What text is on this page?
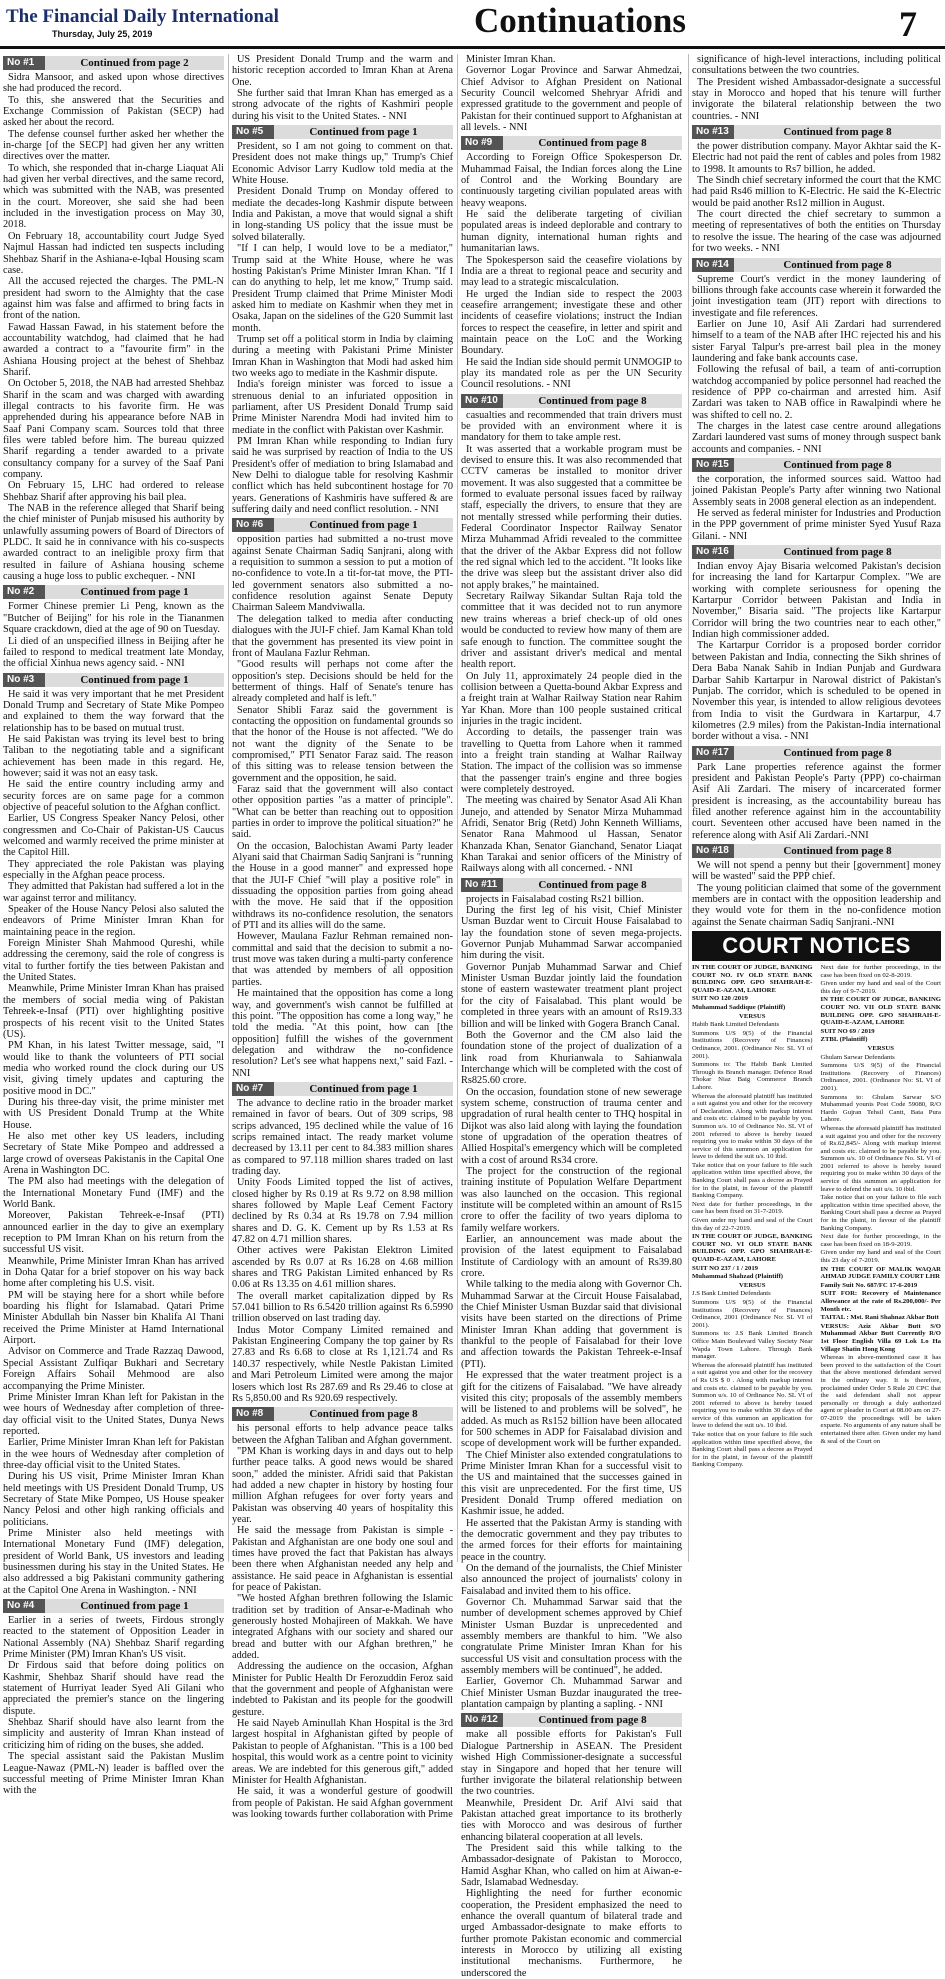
The Financial Daily International
Thursday, July 25, 2019	Continuations	7
No #1	Continued from page 2

Sidra Mansoor, and asked upon whose directives she had produced the record.

To this, she answered that the Securities and Exchange Commission of Pakistan (SECP) had asked her about the record.

The defense counsel further asked her whether the in-charge [of the SECP] had given her any written directives over the matter.

To which, she responded that in-charge Liaquat Ali had given her verbal directives, and the same record, which was submitted with the NAB, was presented in the court. Moreover, she said she had been included in the investigation process on May 30, 2018.

On February 18, accountability court Judge Syed Najmul Hassan had indicted ten suspects including Shehbaz Sharif in the Ashiana-e-Iqbal Housing scam case.

All the accused rejected the charges. The PML-N president had sworn to the Almighty that the case against him was false and affirmed to bring facts in front of the nation.

Fawad Hassan Fawad, in his statement before the accountability watchdog, had claimed that he had awarded a contract to a "favourite firm" in the Ashiana Housing project at the behest of Shehbaz Sharif.

On October 5, 2018, the NAB had arrested Shehbaz Sharif in the scam and was charged with awarding illegal contracts to his favorite firm. He was apprehended during his appearance before NAB in Saaf Pani Company scam. Sources told that three files were tabled before him. The bureau quizzed Sharif regarding a tender awarded to a private consultancy company for a survey of the Saaf Pani company.

On February 15, LHC had ordered to release Shehbaz Sharif after approving his bail plea.

The NAB in the reference alleged that Sharif being the chief minister of Punjab misused his authority by unlawfully assuming powers of Board of Directors of PLDC. It said he in connivance with his co-suspects awarded contract to an ineligible proxy firm that resulted in failure of Ashiana housing scheme causing a huge loss to public exchequer. - NNI

No #2	Continued from page 1

Former Chinese premier Li Peng, known as the "Butcher of Beijing" for his role in the Tiananmen Square crackdown, died at the age of 90 on Tuesday.

Li died of an unspecified illness in Beijing after he failed to respond to medical treatment late Monday, the official Xinhua news agency said. - NNI

No #3	Continued from page 1

He said it was very important that he met President Donald Trump and Secretary of State Mike Pompeo and explained to them the way forward that the relationship has to be based on mutual trust.

He said Pakistan was trying its level best to bring Taliban to the negotiating table and a significant achievement has been made in this regard. He, however; said it was not an easy task.

He said the entire country including army and security forces are on same page for a common objective of peaceful solution to the Afghan conflict.

Earlier, US Congress Speaker Nancy Pelosi, other congressmen and Co-Chair of Pakistan-US Caucus welcomed and warmly received the prime minister at the Capitol Hill.

They appreciated the role Pakistan was playing especially in the Afghan peace process.

They admitted that Pakistan had suffered a lot in the war against terror and militancy.

Speaker of the House Nancy Pelosi also saluted the endeavors of Prime Minister Imran Khan for maintaining peace in the region.

Foreign Minister Shah Mahmood Qureshi, while addressing the ceremony, said the role of congress is vital to further fortify the ties between Pakistan and the United States.

Meanwhile, Prime Minister Imran Khan has praised the members of social media wing of Pakistan Tehreek-e-Insaf (PTI) over highlighting positive prospects of his recent visit to the United States (US).

PM Khan, in his latest Twitter message, said, "I would like to thank the volunteers of PTI social media who worked round the clock during our US visit, giving timely updates and capturing the positive mood in DC."

During his three-day visit, the prime minister met with US President Donald Trump at the White House.

He also met other key US leaders, including Secretary of State Mike Pompeo and addressed a large crowd of overseas Pakistanis in the Capital One Arena in Washington DC.

The PM also had meetings with the delegation of the International Monetary Fund (IMF) and the World Bank.

Moreover, Pakistan Tehreek-e-Insaf (PTI) announced earlier in the day to give an exemplary reception to PM Imran Khan on his return from the successful US visit.

Meanwhile, Prime Minister Imran Khan has arrived in Doha Qatar for a brief stopover on his way back home after completing his U.S. visit.

PM will be staying here for a short while before boarding his flight for Islamabad. Qatari Prime Minister Abdullah bin Nasser bin Khalifa Al Thani received the Prime Minister at Hamd International Airport.

Advisor on Commerce and Trade Razzaq Dawood, Special Assistant Zulfiqar Bukhari and Secretary Foreign Affairs Sohail Mehmood are also accompanying the Prime Minister.

Prime Minister Imran Khan left for Pakistan in the wee hours of Wednesday after completion of three-day official visit to the United States, Dunya News reported.

Earlier, Prime Minister Imran Khan left for Pakistan in the wee hours of Wednesday after completion of three-day official visit to the United States.

During his US visit, Prime Minister Imran Khan held meetings with US President Donald Trump, US Secretary of State Mike Pompeo, US House speaker Nancy Pelosi and other high ranking officials and politicians.

Prime Minister also held meetings with International Monetary Fund (IMF) delegation, president of World Bank, US investors and leading businessmen during his stay in the United States. He also addressed a big Pakistani community gathering at the Capitol One Arena in Washington. - NNI

No #4	Continued from page 1

Earlier in a series of tweets, Firdous strongly reacted to the statement of Opposition Leader in National Assembly (NA) Shehbaz Sharif regarding Prime Minister (PM) Imran Khan's US visit.

Dr Firdous said that before doing politics on Kashmir, Shehbaz Sharif should have read the statement of Hurriyat leader Syed Ali Gilani who appreciated the premier's stance on the lingering dispute.

Shehbaz Sharif should have also learnt from the simplicity and austerity of Imran Khan instead of criticizing him of riding on the buses, she added.

The special assistant said the Pakistan Muslim League-Nawaz (PML-N) leader is baffled over the successful meeting of Prime Minister Imran Khan with the

US President Donald Trump and the warm and historic reception accorded to Imran Khan at Arena One.

She further said that Imran Khan has emerged as a strong advocate of the rights of Kashmiri people during his visit to the United States. - NNI

No #5	Continued from page 1

President, so I am not going to comment on that. President does not make things up," Trump's Chief Economic Advisor Larry Kudlow told media at the White House.

President Donald Trump on Monday offered to mediate the decades-long Kashmir dispute between India and Pakistan, a move that would signal a shift in long-standing US policy that the issue must be solved bilaterally.

"If I can help, I would love to be a mediator," Trump said at the White House, where he was hosting Pakistan's Prime Minister Imran Khan. "If I can do anything to help, let me know," Trump said. President Trump claimed that Prime Minister Modi asked him to mediate on Kashmir when they met in Osaka, Japan on the sidelines of the G20 Summit last month.

Trump set off a political storm in India by claiming during a meeting with Pakistani Prime Minister Imran Khan in Washington that Modi had asked him two weeks ago to mediate in the Kashmir dispute.

India's foreign minister was forced to issue a strenuous denial to an infuriated opposition in parliament, after US President Donald Trump said Prime Minister Narendra Modi had invited him to mediate in the conflict with Pakistan over Kashmir.

PM Imran Khan while responding to Indian fury said he was surprised by reaction of India to the US President's offer of mediation to bring Islamabad and New Delhi to dialogue table for resolving Kashmir conflict which has held subcontinent hostage for 70 years. Generations of Kashmiris have suffered & are suffering daily and need conflict resolution. - NNI

No #6	Continued from page 1

opposition parties had submitted a no-trust move against Senate Chairman Sadiq Sanjrani, along with a requisition to summon a session to put a motion of no-confidence to vote.In a tit-for-tat move, the PTI-led government senators also submitted a no-confidence resolution against Senate Deputy Chairman Saleem Mandviwalla.

The delegation talked to media after conducting dialogues with the JUI-F chief. Jam Kamal Khan told that the government has presented its view point in front of Maulana Fazlur Rehman.

"Good results will perhaps not come after the opposition's step. Decisions should be held for the betterment of things. Half of Senate's tenure has already completed and half is left."

Senator Shibli Faraz said the government is contacting the opposition on fundamental grounds so that the honor of the House is not affected. "We do not want the dignity of the Senate to be compromised," PTI Senator Faraz said. The reason of this sitting was to release tension between the government and the opposition, he said.

Faraz said that the government will also contact other opposition parties "as a matter of principle". "What can be better than reaching out to opposition parties in order to improve the political situation?" he said.

On the occasion, Balochistan Awami Party leader Alyani said that Chairman Sadiq Sanjrani is "running the House in a good manner" and expressed hope that the JUI-F Chief "will play a positive role" in dissuading the opposition parties from going ahead with the move. He said that if the opposition withdraws its no-confidence resolution, the senators of PTI and its allies will do the same.

However, Maulana Fazlur Rehman remained non-committal and said that the decision to submit a no-trust move was taken during a multi-party conference that was attended by members of all opposition parties.

He maintained that the opposition has come a long way, and government's wish cannot be fulfilled at this point. "The opposition has come a long way," he told the media. "At this point, how can [the opposition] fulfill the wishes of the government delegation and withdraw the no-confidence resolution? Let's see what happens next," said Fazl. - NNI

No #7	Continued from page 1

The advance to decline ratio in the broader market remained in favor of bears. Out of 309 scrips, 98 scrips advanced, 195 declined while the value of 16 scrips remained intact. The ready market volume decreased by 13.11 per cent to 84.383 million shares as compared to 97.118 million shares traded on last trading day.

Unity Foods Limited topped the list of actives, closed higher by Rs 0.19 at Rs 9.72 on 8.98 million shares followed by Maple Leaf Cement Factory declined by Rs 0.34 at Rs 19.78 on 7.94 million shares and D. G. K. Cement up by Rs 1.53 at Rs 47.82 on 4.71 million shares.

Other actives were Pakistan Elektron Limited ascended by Rs 0.07 at Rs 16.28 on 4.68 million shares and TRG Pakistan Limited enhanced by Rs 0.06 at Rs 13.35 on 4.61 million shares.

The overall market capitalization dipped by Rs 57.041 billion to Rs 6.5420 trillion against Rs 6.5990 trillion observed on last trading day.

Indus Motor Company Limited remained and Pakistan Engineering Company the top gainer by Rs 27.83 and Rs 6.68 to close at Rs 1,121.74 and Rs 140.37 respectively, while Nestle Pakistan Limited and Mari Petroleum Limited were among the major losers which lost Rs 287.69 and Rs 29.46 to close at Rs 5,850.00 and Rs 920.69 respectively.

No #8	Continued from page 8

his personal efforts to help advance peace talks between the Afghan Taliban and Afghan government.

"PM Khan is working days in and days out to help further peace talks. A good news would be shared soon," added the minister. Afridi said that Pakistan had added a new chapter in history by hosting four million Afghan refugees for over forty years and Pakistan was observing 40 years of hospitality this year.

He said the message from Pakistan is simple - Pakistan and Afghanistan are one body one soul and times have proved the fact that Pakistan has always been there when Afghanistan needed any help and assistance. He said peace in Afghanistan is essential for peace of Pakistan.

"We hosted Afghan brethren following the Islamic tradition set by tradition of Ansar-e-Madinah who generously hosted Mohajireen of Makkah. We have integrated Afghans with our society and shared our bread and butter with our Afghan brethren," he added.

Addressing the audience on the occasion, Afghan Minister for Public Health Dr Ferozuddin Feroz said that the government and people of Afghanistan were indebted to Pakistan and its people for the goodwill gesture.

He said Nayeb Aminullah Khan Hospital is the 3rd largest hospital in Afghanistan gifted by people of Pakistan to people of Afghanistan. "This is a 100 bed hospital, this would work as a centre point to vicinity areas. We are indebted for this generous gift," added Minister for Health Afghanistan.

He said, it was a wonderful gesture of goodwill from people of Pakistan. He said Afghan government was looking towards further collaboration with Prime

Minister Imran Khan.

Governor Logar Province and Sarwar Ahmedzai, Chief Advisor to Afghan President on National Security Council welcomed Shehryar Afridi and expressed gratitude to the government and people of Pakistan for their continued support to Afghanistan at all levels. - NNI

No #9	Continued from page 8

According to Foreign Office Spokesperson Dr. Muhammad Faisal, the Indian forces along the Line of Control and the Working Boundary are continuously targeting civilian populated areas with heavy weapons.

He said the deliberate targeting of civilian populated areas is indeed deplorable and contrary to human dignity, international human rights and humanitarian laws.

The Spokesperson said the ceasefire violations by India are a threat to regional peace and security and may lead to a strategic miscalculation.

He urged the Indian side to respect the 2003 ceasefire arrangement; investigate these and other incidents of ceasefire violations; instruct the Indian forces to respect the ceasefire, in letter and spirit and maintain peace on the LoC and the Working Boundary.

He said the Indian side should permit UNMOGIP to play its mandated role as per the UN Security Council resolutions. - NNI

No #10	Continued from page 8

casualties and recommended that train drivers must be provided with an environment where it is mandatory for them to take ample rest.

It was asserted that a workable program must be devised to ensure this. It was also recommended that CCTV cameras be installed to monitor driver movement. It was also suggested that a committee be formed to evaluate personal issues faced by railway staff, especially the drivers, to ensure that they are not mentally stressed while performing their duties. Federal Coordinator Inspector Railway Senator Mirza Muhammad Afridi revealed to the committee that the driver of the Akbar Express did not follow the red signal which led to the accident. "It looks like the drive was sleep but the assistant driver also did not apply brakes," he maintained.

Secretary Railway Sikandar Sultan Raja told the committee that it was decided not to run anymore new trains whereas a brief check-up of old ones would be conducted to review how many of them are safe enough to function. The committee sought the driver and assistant driver's medical and mental health report.

On July 11, approximately 24 people died in the collision between a Quetta-bound Akbar Express and a freight train at Walhar Railway Station near Rahim Yar Khan. More than 100 people sustained critical injuries in the tragic incident.

According to details, the passenger train was travelling to Quetta from Lahore when it rammed into a freight train standing at Walhar Railway Station. The impact of the collision was so immense that the passenger train's engine and three bogies were completely destroyed.

The meeting was chaired by Senator Asad Ali Khan Junejo, and attended by Senator Mirza Muhammad Afridi, Senator Brig (Retd) John Kenneth Williams, Senator Rana Mahmood ul Hassan, Senator Khanzada Khan, Senator Gianchand, Senator Liaqat Khan Tarakai and senior officers of the Ministry of Railways along with all concerned. - NNI

No #11	Continued from page 8

projects in Faisalabad costing Rs21 billion.

During the first leg of his visit, Chief Minister Usman Buzdar went to Circuit House Faisalabad to lay the foundation stone of seven mega-projects. Governor Punjab Muhammad Sarwar accompanied him during the visit.

Governor Punjab Muhammad Sarwar and Chief Minister Usman Buzdar jointly laid the foundation stone of eastern wastewater treatment plant project for the city of Faisalabad. This plant would be completed in three years with an amount of Rs19.33 billion and will be linked with Gogera Branch Canal.

Both the Governor and the CM also laid the foundation stone of the project of dualization of a link road from Khurianwala to Sahianwala Interchange which will be completed with the cost of Rs825.60 crore.

On the occasion, foundation stone of new sewerage system scheme, construction of trauma center and upgradation of rural health center to THQ hospital in Dijkot was also laid along with laying the foundation stone of upgradation of the operation theatres of Allied Hospital's emergency which will be completed with a cost of around Rs34 crore.

The project for the construction of the regional training institute of Population Welfare Department was also launched on the occasion. This regional institute will be completed within an amount of Rs15 crore to offer the facility of two years diploma to family welfare workers.

Earlier, an announcement was made about the provision of the latest equipment to Faisalabad Institute of Cardiology with an amount of Rs39.80 crore.

While talking to the media along with Governor Ch. Muhammad Sarwar at the Circuit House Faisalabad, the Chief Minister Usman Buzdar said that divisional visits have been started on the directions of Prime Minister Imran Khan adding that government is thankful to the people of Faisalabad for their love and affection towards the Pakistan Tehreek-e-Insaf (PTI).

He expressed that the water treatment project is a gift for the citizens of Faisalabad. "We have already visited this city; proposals of the assembly members will be listened to and problems will be solved", he added. As much as Rs152 billion have been allocated for 500 schemes in ADP for Faisalabad division and scope of development work will be further expanded.

The Chief Minister also extended congratulations to Prime Minister Imran Khan for a successful visit to the US and maintained that the successes gained in this visit are unprecedented. For the first time, US President Donald Trump offered mediation on Kashmir issue, he added.

He asserted that the Pakistan Army is standing with the democratic government and they pay tributes to the armed forces for their efforts for maintaining peace in the country.

On the demand of the journalists, the Chief Minister also announced the project of journalists' colony in Faisalabad and invited them to his office.

Governor Ch. Muhammad Sarwar said that the number of development schemes approved by Chief Minister Usman Buzdar is unprecedented and assembly members are thankful to him. "We also congratulate Prime Minister Imran Khan for his successful US visit and consultation process with the assembly members will be continued", he added.

Earlier, Governor Ch. Muhammad Sarwar and Chief Minister Usman Buzdar inaugurated the tree-plantation campaign by planting a sapling. - NNI

No #12	Continued from page 8

make all possible efforts for Pakistan's Full Dialogue Partnership in ASEAN. The President wished High Commissioner-designate a successful stay in Singapore and hoped that her tenure will further invigorate the bilateral relationship between the two countries.

Meanwhile, President Dr. Arif Alvi said that Pakistan attached great importance to its brotherly ties with Morocco and was desirous of further enhancing bilateral cooperation at all levels.

The President said this while talking to the Ambassador-designate of Pakistan to Morocco, Hamid Asghar Khan, who called on him at Aiwan-e-Sadr, Islamabad Wednesday.

Highlighting the need for further economic cooperation, the President emphasized the need to enhance the overall quantum of bilateral trade and urged Ambassador-designate to make efforts to further promote Pakistan economic and commercial interests in Morocco by utilizing all existing institutional mechanisms. Furthermore, he underscored the

significance of high-level interactions, including political consultations between the two countries.

The President wished Ambassador-designate a successful stay in Morocco and hoped that his tenure will further invigorate the bilateral relationship between the two countries. - NNI

No #13	Continued from page 8

the power distribution company. Mayor Akhtar said the K-Electric had not paid the rent of cables and poles from 1982 to 1998. It amounts to Rs7 billion, he added.

The Sindh chief secretary informed the court that the KMC had paid Rs46 million to K-Electric. He said the K-Electric would be paid another Rs12 million in August.

The court directed the chief secretary to summon a meeting of representatives of both the entities on Thursday to resolve the issue. The hearing of the case was adjourned for two weeks. - NNI

No #14	Continued from page 8

Supreme Court's verdict in the money laundering of billions through fake accounts case wherein it forwarded the joint investigation team (JIT) report with directions to investigate and file references.

Earlier on June 10, Asif Ali Zardari had surrendered himself to a team of the NAB after IHC rejected his and his sister Faryal Talpur's pre-arrest bail plea in the money laundering and fake bank accounts case.

Following the refusal of bail, a team of anti-corruption watchdog accompanied by police personnel had reached the residence of PPP co-chairman and arrested him. Asif Zardari was taken to NAB office in Rawalpindi where he was shifted to cell no. 2.

The charges in the latest case centre around allegations Zardari laundered vast sums of money through suspect bank accounts and companies. - NNI

No #15	Continued from page 8

the corporation, the informed sources said. Wattoo had joined Pakistan People's Party after winning two National Assembly seats in 2008 general election as an independent.

He served as federal minister for Industries and Production in the PPP government of prime minister Syed Yusuf Raza Gilani. - NNI

No #16	Continued from page 8

Indian envoy Ajay Bisaria welcomed Pakistan's decision for increasing the land for Kartarpur Complex. "We are working with complete seriousness for opening the Kartarpur Corridor between Pakistan and India in November," Bisaria said. "The projects like Kartarpur Corridor will bring the two countries near to each other," Indian high commissioner added.

The Kartarpur Corridor is a proposed border corridor between Pakistan and India, connecting the Sikh shrines of Dera Baba Nanak Sahib in Indian Punjab and Gurdwara Darbar Sahib Kartarpur in Narowal district of Pakistan's Punjab. The corridor, which is scheduled to be opened in November this year, is intended to allow religious devotees from India to visit the Gurdwara in Kartarpur, 4.7 kilometres (2.9 miles) from the Pakistan-India international border without a visa. - NNI

No #17	Continued from page 8

Park Lane properties reference against the former president and Pakistan People's Party (PPP) co-chairman Asif Ali Zardari. The misery of incarcerated former president is increasing, as the accountability bureau has filed another reference against him in the accountability court. Seventeen other accused have been named in the reference along with Asif Ali Zardari.-NNI

No #18	Continued from page 8

We will not spend a penny but their [government] money will be wasted" said the PPP chief.

The young politician claimed that some of the government members are in contact with the opposition leadership and they would vote for them in the no-confidence motion against the Senate chairman Sadiq Sanjrani.-NNI

COURT NOTICES

IN THE COURT OF JUDGE, BANKING COURT NO. IV OLD STATE BANK BUILDING OPP. GPO SHAHRAH-E-QUAID-E-AZAM, LAHORE

SUIT NO 120 /2019

Muhammad Saddique (Plaintiff)

VERSUS

Habib Bank Limited Defendants

Summons U/S 9(5) of the Financial Institutions (Recovery of Finances) Ordinance, 2001. (Ordinance No: SL VI of 2001).

Summons to: The Habib Bank Limited Through its Branch manager. Defence Road Thokar Niaz Baig Commerce Branch Lahore.

Whereas the aforesaid plaintiff has instituted a suit against you and other for the recovery of Declaration. Along with markup interest and costs etc. claimed to be payable by you. Summon u/s. 10 of Ordinance No. SL VI of 2001 referred to above is hereby issued requiring you to make within 30 days of the service of this summon an application for leave to defend the suit u/s. 10 ibid.

Take notice that on your failure to file such application within time specified above, the Banking Court shall pass a decree as Prayed for in the plaint, in favour of the plaintiff Banking Company.

Next date for further proceedings, in the case has been fixed on 31-7-2019.

Given under my hand and seal of the Court this day of 22-7-2019.

IN THE COURT OF JUDGE, BANKING COURT NO. VI OLD STATE BANK BUILDING OPP. GPO SHAHRAH-E-QUAID-E-AZAM, LAHORE

SUIT NO 237 / 1 / 2019

Muhammad Shahzad (Plaintiff)

VERSUS

J.S Bank Limited Defendants

Summons U/S 9(5) of the Financial Institutions (Recovery of Finances) Ordinance, 2001 (Ordinance No: SL VI of 2001).

Summons to: J.S Bank Limited Branch Office Main Boulevard Valley Society Near Wapda Town Lahore. Through Bank manager.

Whereas the aforesaid plaintiff has instituted a suit against you and other for the recovery of Rs US $ 0 . Along with markup interest and costs etc. claimed to be payable by you. Summon u/s. 10 of Ordinance No. SL VI of 2001 referred to above is hereby issued requiring you to make within 30 days of the service of this summon an application for leave to defend the suit u/s. 10 ibid.

Take notice that on your failure to file such application within time specified above, the Banking Court shall pass a decree as Prayed for in the plaint, in favour of the plaintiff Banking Company.

Next date for further proceedings, in the case has been fixed on 02-8-2019.

Given under my hand and seal of the Court this day of 9-7-2019.

IN THE COURT OF JUDGE, BANKING COURT NO. VII OLD STATE BANK BUILDING OPP. GPO SHAHRAH-E-QUAID-E-AZAM, LAHORE

SUIT NO 69 / 2019

ZTBL (Plaintiff)

VERSUS

Ghulam Sarwar Defendants

Summons U/S 9(5) of the Financial Institutions (Recovery of Finances) Ordinance, 2001. (Ordinance No: SL VI of 2001).

Summons to: Ghulam Sarwar S/O Muhammad younis Post Code 59080, R/O Hardo Gujran Tehsil Cantt, Bata Pura Lahore.

Whereas the aforesaid plaintiff has instituted a suit against you and other for the recovery of Rs.62,845/- Along with markup interest and costs etc. claimed to be payable by you. Summon u/s. 10 of Ordinance No. SL VI of 2001 referred to above is hereby issued requiring you to make within 30 days of the service of this summon an application for leave to defend the suit u/s. 10 ibid.

Take notice that on your failure to file such application within time specified above, the Banking Court shall pass a decree as Prayed for in the plaint, in favour of the plaintiff Banking Company.

Next date for further proceedings, in the case has been fixed on 18-9-2019.

Given under my hand and seal of the Court this 23 day of 7-2019.

IN THE COURT OF MALIK WAQAR AHMAD JUDGE FAMILY COURT LHR

Family Suit No. 687/FC 17-6-2019

SUIT FOR: Recovery of Maintenance Allowance at the rate of Rs.200,000/- Per Month etc.

TAITAL : Mst. Rani Shahnaz Akbar Butt

VERSUS: Aziz Akbar Butt S/O Muhammad Akbar Butt Currently R/O 1st Floor English Villa 69 Lok Lo Ha Village Shatin Hong Kong

Whereas in above-mentioned case it has been proved to the satisfaction of the Court that the above mentioned defendant served in the ordinary way. It is therefore, proclaimed under Order 5 Rule 20 CPC that the said defendant shall not appear personally or through a duly authorized agent or pleader in Court at 08.00 am on 27-07-2019 the proceedings will be taken exparte. No arguments of any nature shall be entertained there after. Given under my hand & seal of the Court on
